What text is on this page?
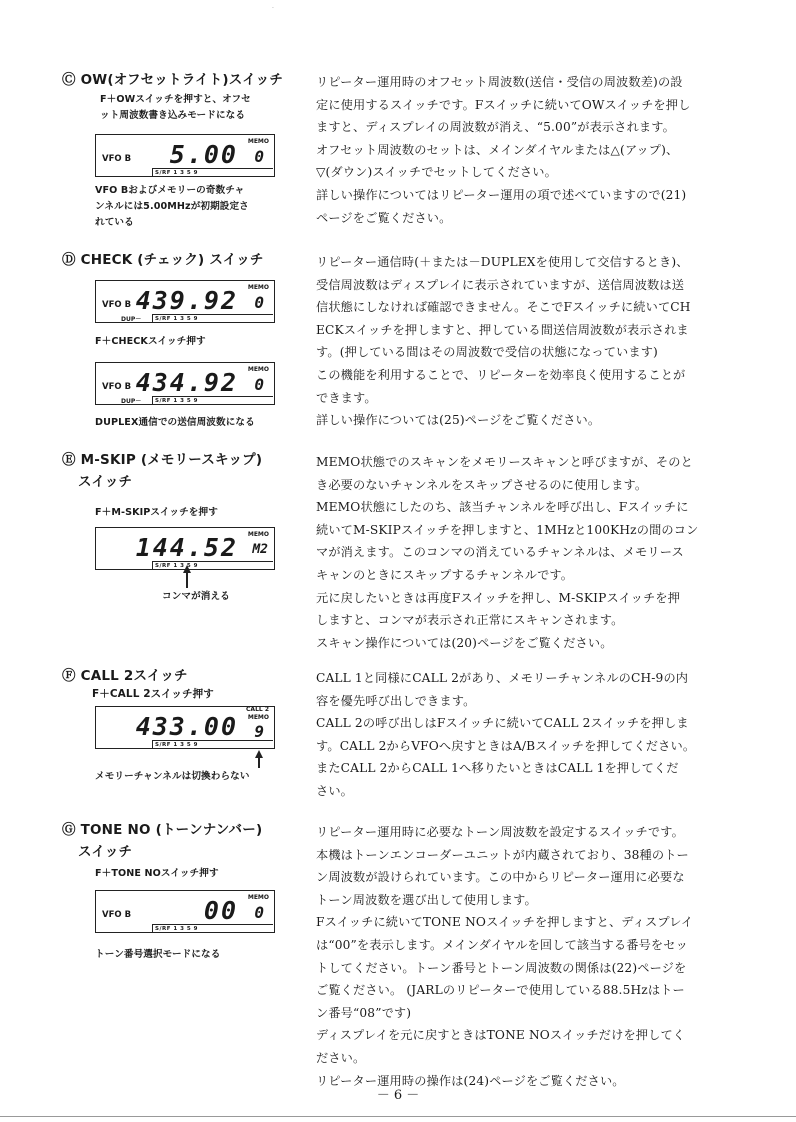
·
Ⓒ OW(オフセットライト)スイッチ
F＋OWスイッチを押すと、オフセ
ット周波数書き込みモードになる
VFO B 5.00 MEMO
0
S/RF 1 3 5 9
VFO Bおよびメモリーの奇数チャ
ンネルには5.00MHzが初期設定さ
れている
リピーター運用時のオフセット周波数(送信・受信の周波数差)の設
定に使用するスイッチです。Fスイッチに続いてOWスイッチを押し
ますと、ディスプレイの周波数が消え、“5.00”が表示されます。
オフセット周波数のセットは、メインダイヤルまたは△(アップ)、
▽(ダウン)スイッチでセットしてください。
詳しい操作についてはリピーター運用の項で述べていますので(21)
ページをご覧ください。
Ⓓ CHECK (チェック) スイッチ
VFO B 439.92 MEMO
0
DUP－	S/RF 1 3 5 9
F＋CHECKスイッチ押す
VFO B 434.92 MEMO
0
DUP－	S/RF 1 3 5 9
DUPLEX通信での送信周波数になる
リピーター通信時(＋または－DUPLEXを使用して交信するとき)、
受信周波数はディスプレイに表示されていますが、送信周波数は送
信状態にしなければ確認できません。そこでFスイッチに続いてCH
ECKスイッチを押しますと、押している間送信周波数が表示されま
す。(押している間はその周波数で受信の状態になっています)
この機能を利用することで、リピーターを効率良く使用することが
できます。
詳しい操作については(25)ページをご覧ください。
Ⓔ M-SKIP (メモリースキップ)
スイッチ
F＋M-SKIPスイッチを押す
144.52 MEMO
M2
S/RF 1 3 5 9
コンマが消える
MEMO状態でのスキャンをメモリースキャンと呼びますが、そのと
き必要のないチャンネルをスキップさせるのに使用します。
MEMO状態にしたのち、該当チャンネルを呼び出し、Fスイッチに
続いてM-SKIPスイッチを押しますと、1MHzと100KHzの間のコン
マが消えます。このコンマの消えているチャンネルは、メモリース
キャンのときにスキップするチャンネルです。
元に戻したいときは再度Fスイッチを押し、M-SKIPスイッチを押
しますと、コンマが表示され正常にスキャンされます。
スキャン操作については(20)ページをご覧ください。
Ⓕ CALL 2スイッチ
F＋CALL 2スイッチ押す
CALL 2
433.00 MEMO
9
S/RF 1 3 5 9
メモリーチャンネルは切換わらない
CALL 1と同様にCALL 2があり、メモリーチャンネルのCH-9の内
容を優先呼び出しできます。
CALL 2の呼び出しはFスイッチに続いてCALL 2スイッチを押しま
す。CALL 2からVFOへ戻すときはA/Bスイッチを押してください。
またCALL 2からCALL 1へ移りたいときはCALL 1を押してくだ
さい。
Ⓖ TONE NO (トーンナンバー)
スイッチ
F＋TONE NOスイッチ押す
VFO B	00 MEMO
0
S/RF 1 3 5 9
トーン番号選択モードになる
リピーター運用時に必要なトーン周波数を設定するスイッチです。
本機はトーンエンコーダーユニットが内蔵されており、38種のトー
ン周波数が設けられています。この中からリピーター運用に必要な
トーン周波数を選び出して使用します。
Fスイッチに続いてTONE NOスイッチを押しますと、ディスプレイ
は“00”を表示します。メインダイヤルを回して該当する番号をセッ
トしてください。トーン番号とトーン周波数の関係は(22)ページを
ご覧ください。 (JARLのリピーターで使用している88.5Hzはトー
ン番号“08”です)
ディスプレイを元に戻すときはTONE NOスイッチだけを押してく
ださい。
リピーター運用時の操作は(24)ページをご覧ください。
－ 6 －
